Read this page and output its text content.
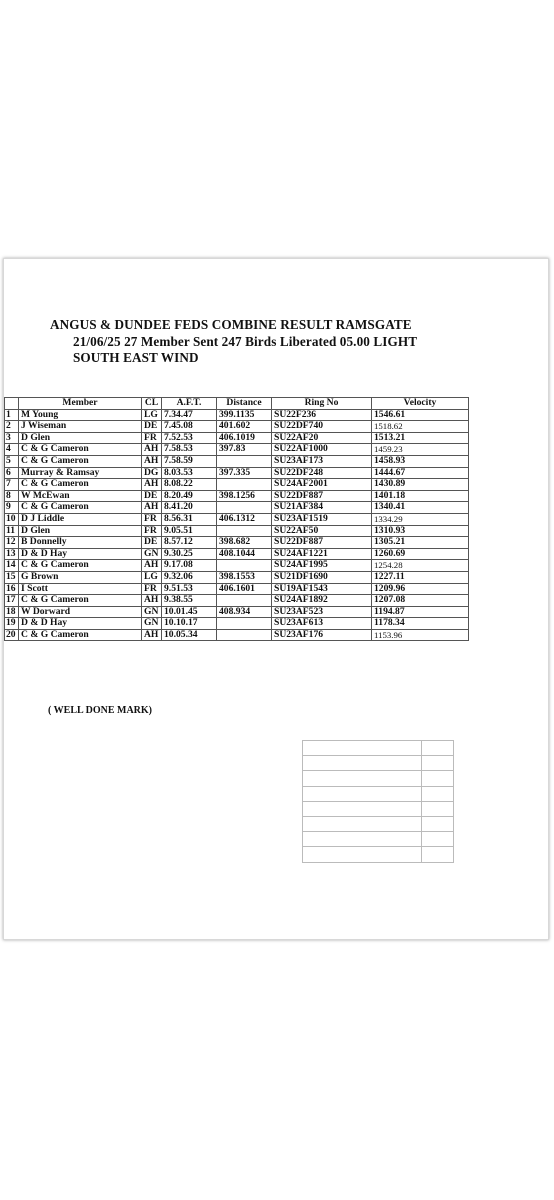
ANGUS & DUNDEE FEDS COMBINE RESULT RAMSGATE
21/06/25 27 Member Sent 247 Birds Liberated 05.00 LIGHT
SOUTH EAST WIND
	Member	CL	A.F.T.	Distance	Ring No	Velocity
1	M Young	LG	7.34.47	399.1135	SU22F236	1546.61
2	J Wiseman	DE	7.45.08	401.602	SU22DF740	1518.62
3	D Glen	FR	7.52.53	406.1019	SU22AF20	1513.21
4	C & G Cameron	AH	7.58.53	397.83	SU22AF1000	1459.23
5	C & G Cameron	AH	7.58.59		SU23AF173	1458.93
6	Murray & Ramsay	DG	8.03.53	397.335	SU22DF248	1444.67
7	C & G Cameron	AH	8.08.22		SU24AF2001	1430.89
8	W McEwan	DE	8.20.49	398.1256	SU22DF887	1401.18
9	C & G Cameron	AH	8.41.20		SU21AF384	1340.41
10	D J Liddle	FR	8.56.31	406.1312	SU23AF1519	1334.29
11	D Glen	FR	9.05.51		SU22AF50	1310.93
12	B Donnelly	DE	8.57.12	398.682	SU22DF887	1305.21
13	D & D Hay	GN	9.30.25	408.1044	SU24AF1221	1260.69
14	C & G Cameron	AH	9.17.08		SU24AF1995	1254.28
15	G Brown	LG	9.32.06	398.1553	SU21DF1690	1227.11
16	I Scott	FR	9.51.53	406.1601	SU19AF1543	1209.96
17	C & G Cameron	AH	9.38.55		SU24AF1892	1207.08
18	W Dorward	GN	10.01.45	408.934	SU23AF523	1194.87
19	D & D Hay	GN	10.10.17		SU23AF613	1178.34
20	C & G Cameron	AH	10.05.34		SU23AF176	1153.96
( WELL DONE MARK)
